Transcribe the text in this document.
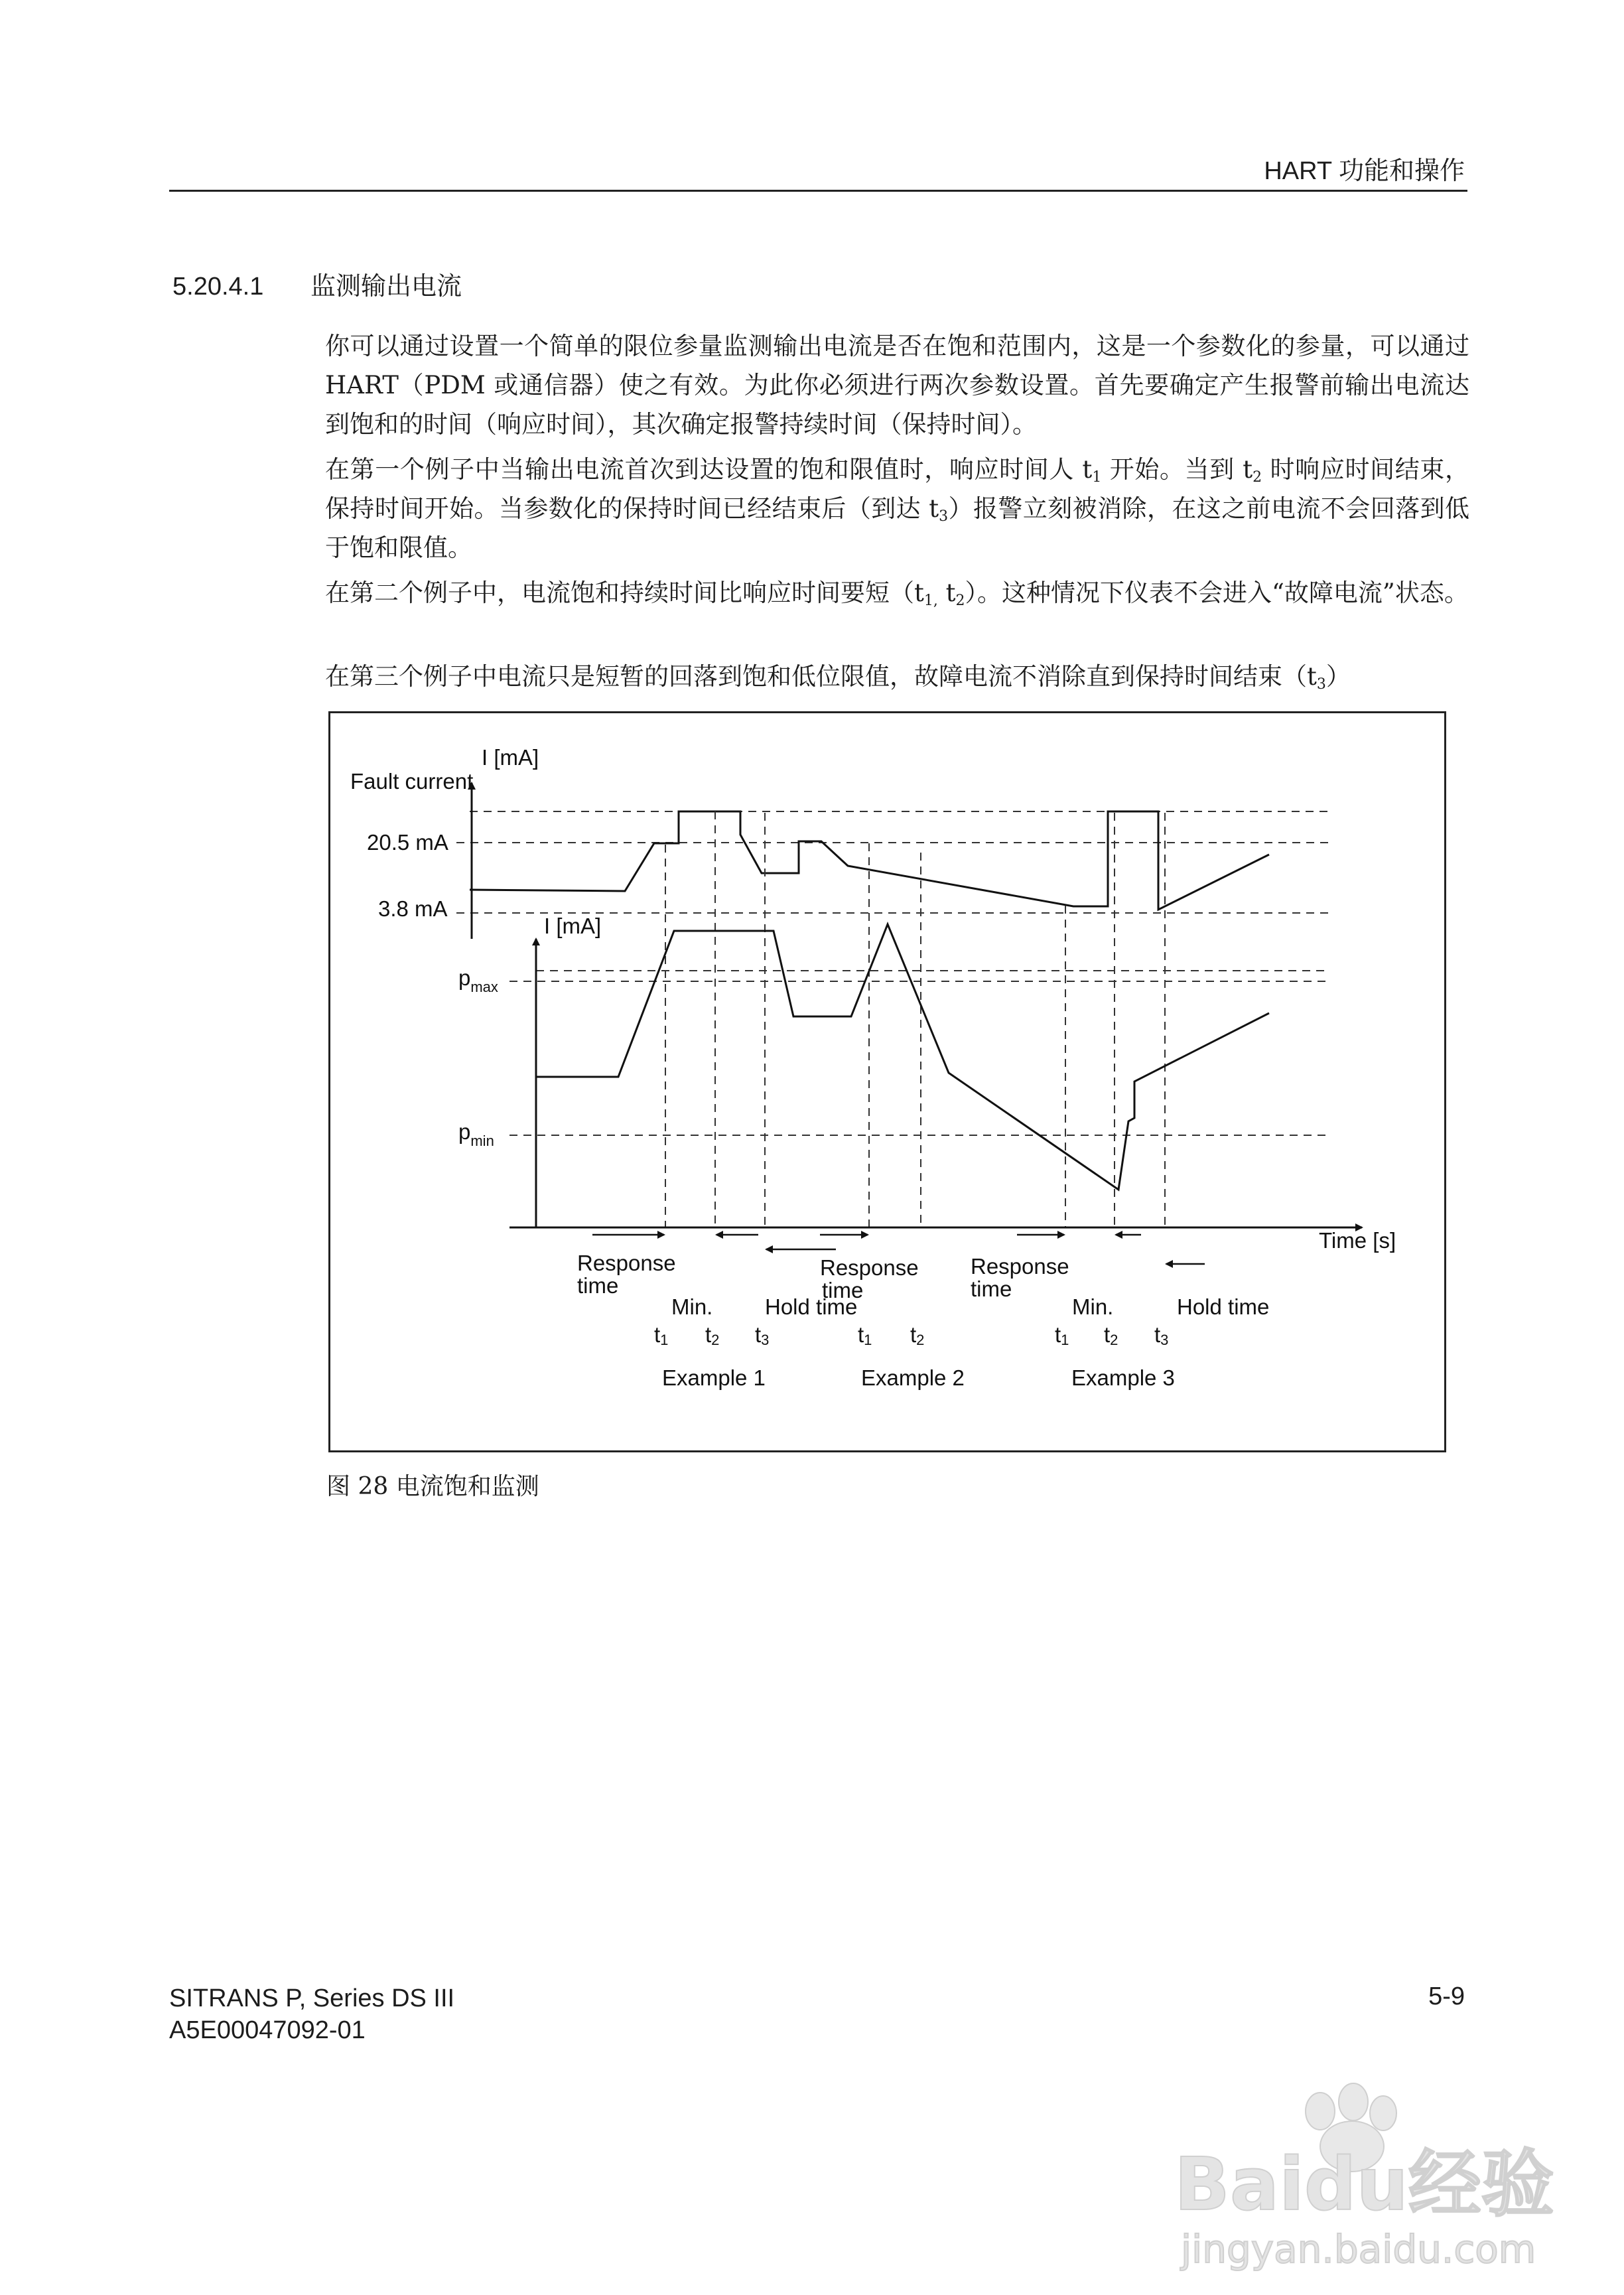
HART 功能和操作
5.20.4.1 监测输出电流

你可以通过设置一个简单的限位参量监测输出电流是否在饱和范围内，这是一个参数化的参量，可以通过 HART（PDM 或通信器）使之有效。为此你必须进行两次参数设置。首先要确定产生报警前输出电流达到饱和的时间（响应时间），其次确定报警持续时间（保持时间）。

在第一个例子中当输出电流首次到达设置的饱和限值时，响应时间人 $t_1$ 开始。当到 $t_2$ 时响应时间结束，保持时间开始。当参数化的保持时间已经结束后（到达 $t_3$）报警立刻被消除，在这之前电流不会回落到低于饱和限值。

在第二个例子中，电流饱和持续时间比响应时间要短（$t_{1,}$ $t_2$）。这种情况下仪表不会进入“故障电流”状态。

在第三个例子中电流只是短暂的回落到饱和低位限值，故障电流不消除直到保持时间结束$(t_3)$

I [mA]
Fault current
20.5 mA
3.8 mA
I [mA]
$p_{max}$
$p_{min}$
Time [s]
Response time
Response time
Response time
Min. Hold time	Min.	Hold time
t1 t2 t3	t1 t2	t1 t2 t3
Example 1	Example 2	Example 3
图 28 电流饱和监测
SITRANS P, Series DS III
A5E00047092-01
5-9
Baidu经验
jingyan.baidu.com
